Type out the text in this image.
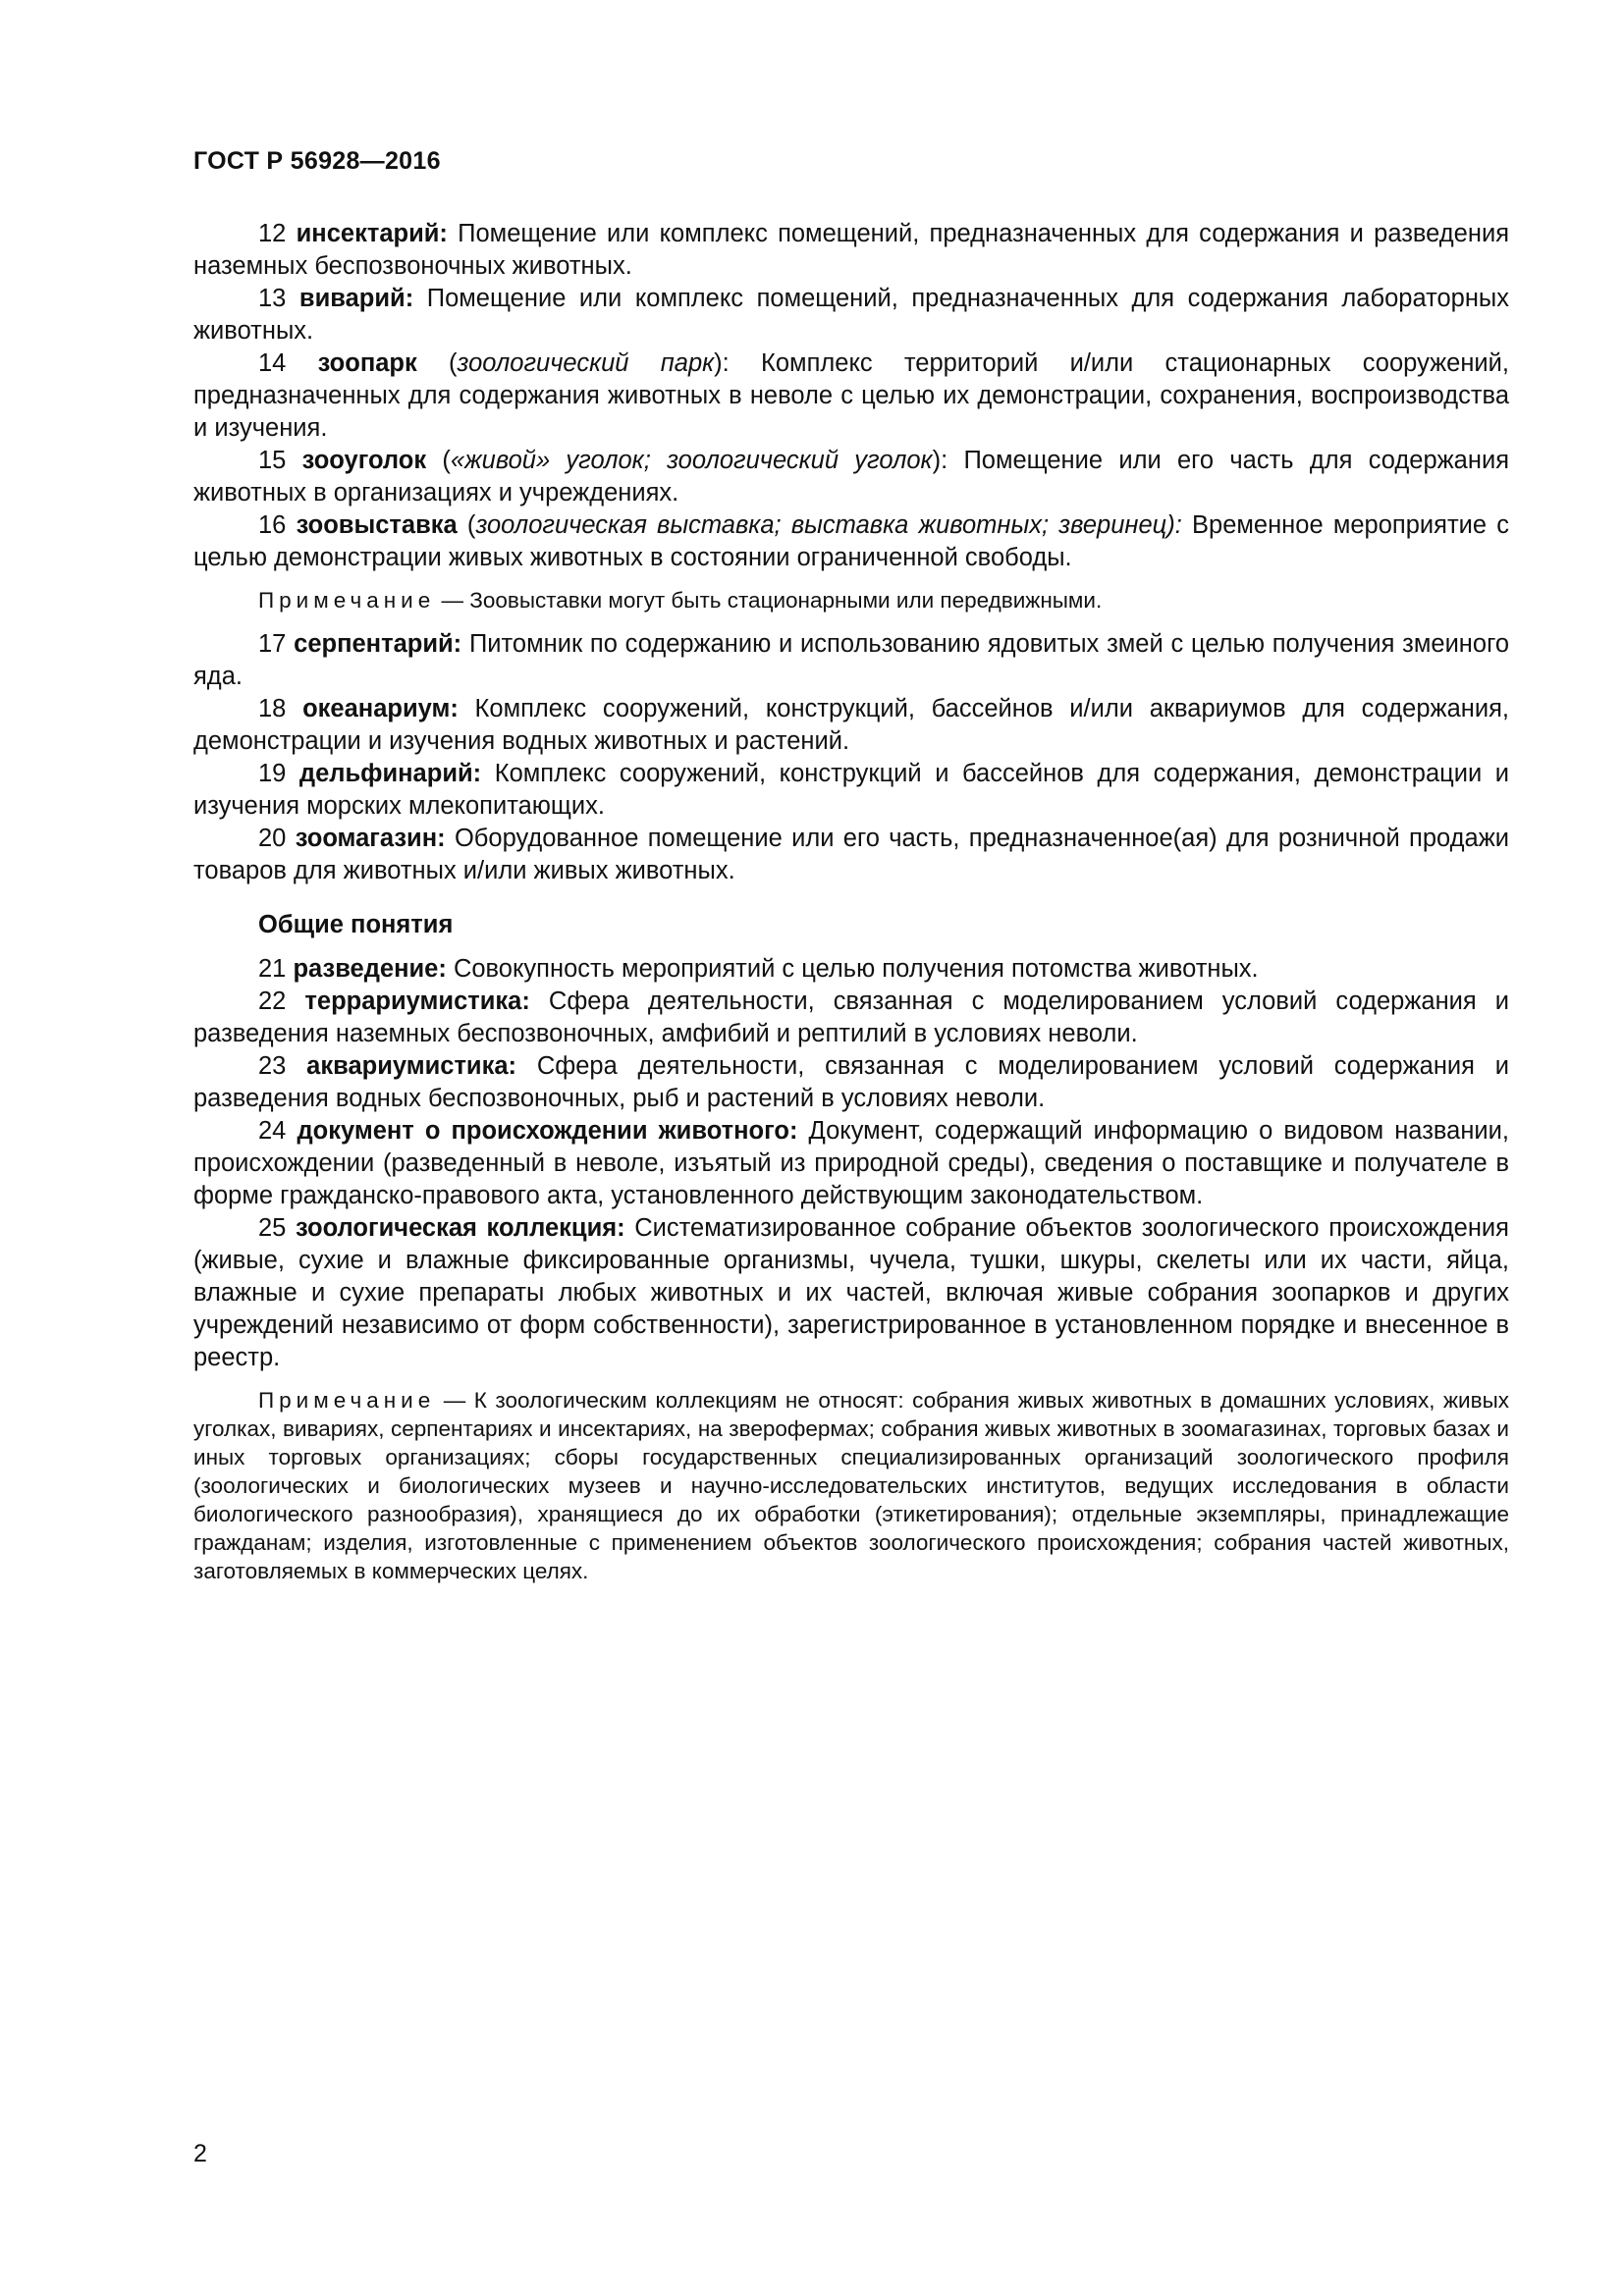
ГОСТ Р 56928—2016

12 инсектарий: Помещение или комплекс помещений, предназначенных для содержания и разведения наземных беспозвоночных животных.

13 виварий: Помещение или комплекс помещений, предназначенных для содержания лабораторных животных.

14 зоопарк (зоологический парк): Комплекс территорий и/или стационарных сооружений, предназначенных для содержания животных в неволе с целью их демонстрации, сохранения, воспроизводства и изучения.

15 зооуголок («живой» уголок; зоологический уголок): Помещение или его часть для содержания животных в организациях и учреждениях.

16 зоовыставка (зоологическая выставка; выставка животных; зверинец): Временное мероприятие с целью демонстрации живых животных в состоянии ограниченной свободы.

Примечание — Зоовыставки могут быть стационарными или передвижными.

17 серпентарий: Питомник по содержанию и использованию ядовитых змей с целью получения змеиного яда.

18 океанариум: Комплекс сооружений, конструкций, бассейнов и/или аквариумов для содержания, демонстрации и изучения водных животных и растений.

19 дельфинарий: Комплекс сооружений, конструкций и бассейнов для содержания, демонстрации и изучения морских млекопитающих.

20 зоомагазин: Оборудованное помещение или его часть, предназначенное(ая) для розничной продажи товаров для животных и/или живых животных.

Общие понятия

21 разведение: Совокупность мероприятий с целью получения потомства животных.

22 террариумистика: Сфера деятельности, связанная с моделированием условий содержания и разведения наземных беспозвоночных, амфибий и рептилий в условиях неволи.

23 аквариумистика: Сфера деятельности, связанная с моделированием условий содержания и разведения водных беспозвоночных, рыб и растений в условиях неволи.

24 документ о происхождении животного: Документ, содержащий информацию о видовом названии, происхождении (разведенный в неволе, изъятый из природной среды), сведения о поставщике и получателе в форме гражданско-правового акта, установленного действующим законодательством.

25 зоологическая коллекция: Систематизированное собрание объектов зоологического происхождения (живые, сухие и влажные фиксированные организмы, чучела, тушки, шкуры, скелеты или их части, яйца, влажные и сухие препараты любых животных и их частей, включая живые собрания зоопарков и других учреждений независимо от форм собственности), зарегистрированное в установленном порядке и внесенное в реестр.

Примечание — К зоологическим коллекциям не относят: собрания живых животных в домашних условиях, живых уголках, вивариях, серпентариях и инсектариях, на зверофермах; собрания живых животных в зоомагазинах, торговых базах и иных торговых организациях; сборы государственных специализированных организаций зоологического профиля (зоологических и биологических музеев и научно-исследовательских институтов, ведущих исследования в области биологического разнообразия), хранящиеся до их обработки (этикетирования); отдельные экземпляры, принадлежащие гражданам; изделия, изготовленные с применением объектов зоологического происхождения; собрания частей животных, заготовляемых в коммерческих целях.

2
